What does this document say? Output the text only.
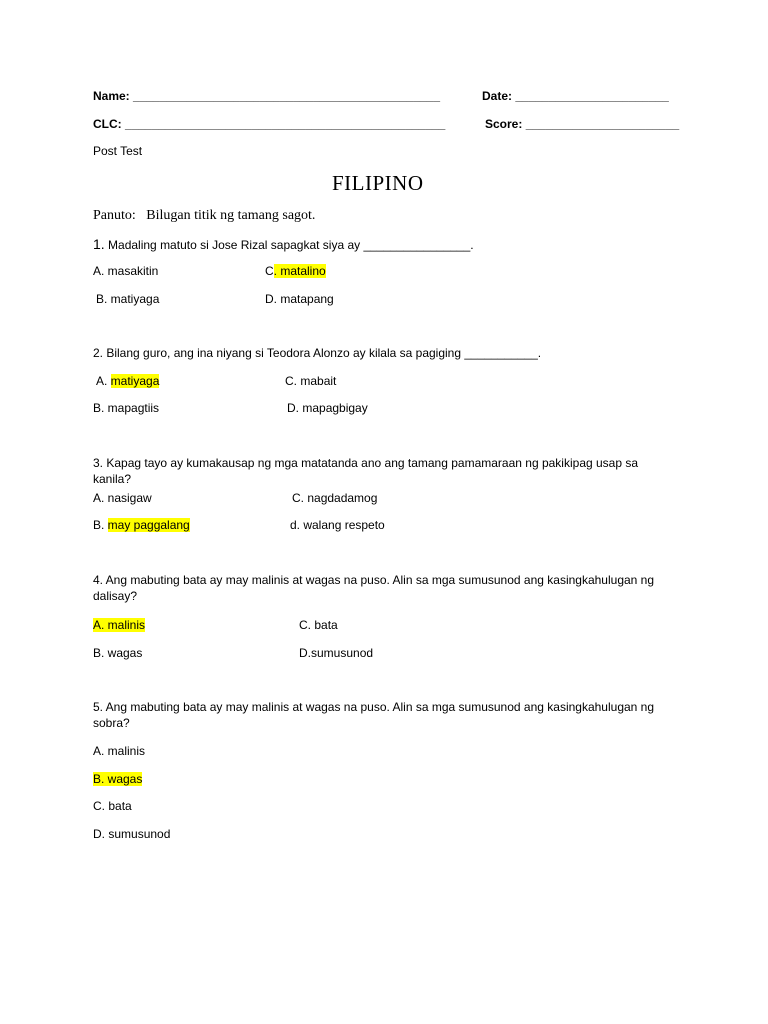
Name: ______________________________________________	Date: _______________________
CLC: ________________________________________________	Score: _______________________
Post Test
FILIPINO
Panuto: Bilugan titik ng tamang sagot.
1. Madaling matuto si Jose Rizal sapagkat siya ay ________________.
A. masakitin	C. matalino
B. matiyaga	D. matapang
2. Bilang guro, ang ina niyang si Teodora Alonzo ay kilala sa pagiging ___________.
A. matiyaga	C. mabait
B. mapagtiis	D. mapagbigay
3. Kapag tayo ay kumakausap ng mga matatanda ano ang tamang pamamaraan ng pakikipag usap sa kanila?
A. nasigaw	C. nagdadamog
B. may paggalang	d. walang respeto
4. Ang mabuting bata ay may malinis at wagas na puso. Alin sa mga sumusunod ang kasingkahulugan ng dalisay?
A. malinis	C. bata
B. wagas	D.sumusunod
5. Ang mabuting bata ay may malinis at wagas na puso. Alin sa mga sumusunod ang kasingkahulugan ng sobra?
A. malinis
B. wagas
C. bata
D. sumusunod
